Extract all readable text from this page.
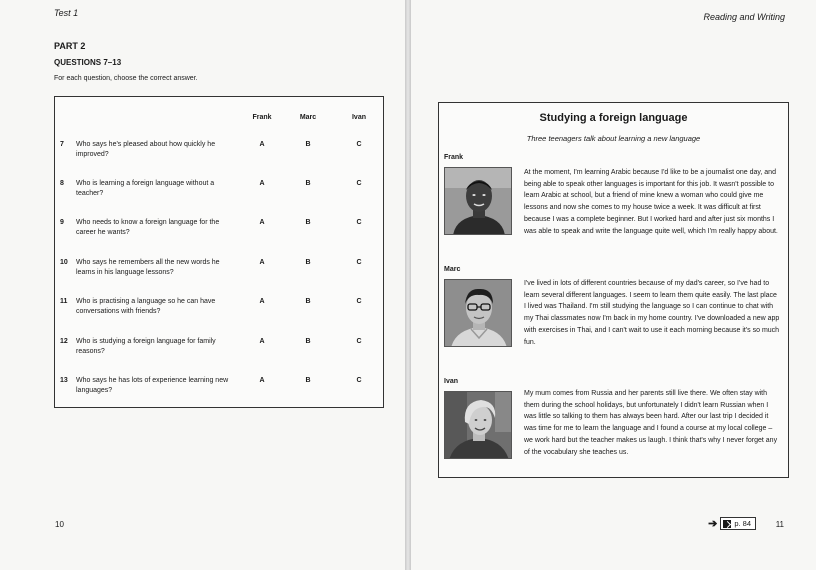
Test 1
PART 2
QUESTIONS 7–13
For each question, choose the correct answer.
Frank	Marc	Ivan
7	Who says he's pleased about how quickly he improved?
A	B	C
8	Who is learning a foreign language without a teacher?
A	B	C
9	Who needs to know a foreign language for the career he wants?
A	B	C
10	Who says he remembers all the new words he learns in his language lessons?
A	B	C
11	Who is practising a language so he can have conversations with friends?
A	B	C
12	Who is studying a foreign language for family reasons?
A	B	C
13	Who says he has lots of experience learning new languages?
A	B	C
10
Reading and Writing
Studying a foreign language
Three teenagers talk about learning a new language
Frank
At the moment, I'm learning Arabic because I'd like to be a journalist one day, and being able to speak other languages is important for this job. It wasn't possible to learn Arabic at school, but a friend of mine knew a woman who could give me lessons and now she comes to my house twice a week. It was difficult at first because I was a complete beginner. But I worked hard and after just six months I was able to speak and write the language quite well, which I'm really happy about.
Marc
I've lived in lots of different countries because of my dad's career, so I've had to learn several different languages. I seem to learn them quite easily. The last place I lived was Thailand. I'm still studying the language so I can continue to chat with my Thai classmates now I'm back in my home country. I've downloaded a new app with exercises in Thai, and I can't wait to use it each morning because it's so much fun.
Ivan
My mum comes from Russia and her parents still live there. We often stay with them during the school holidays, but unfortunately I didn't learn Russian when I was little so talking to them has always been hard. After our last trip I decided it was time for me to learn the language and I found a course at my local college – we work hard but the teacher makes us laugh. I think that's why I never forget any of the vocabulary she teaches us.
➔ p. 84	11
